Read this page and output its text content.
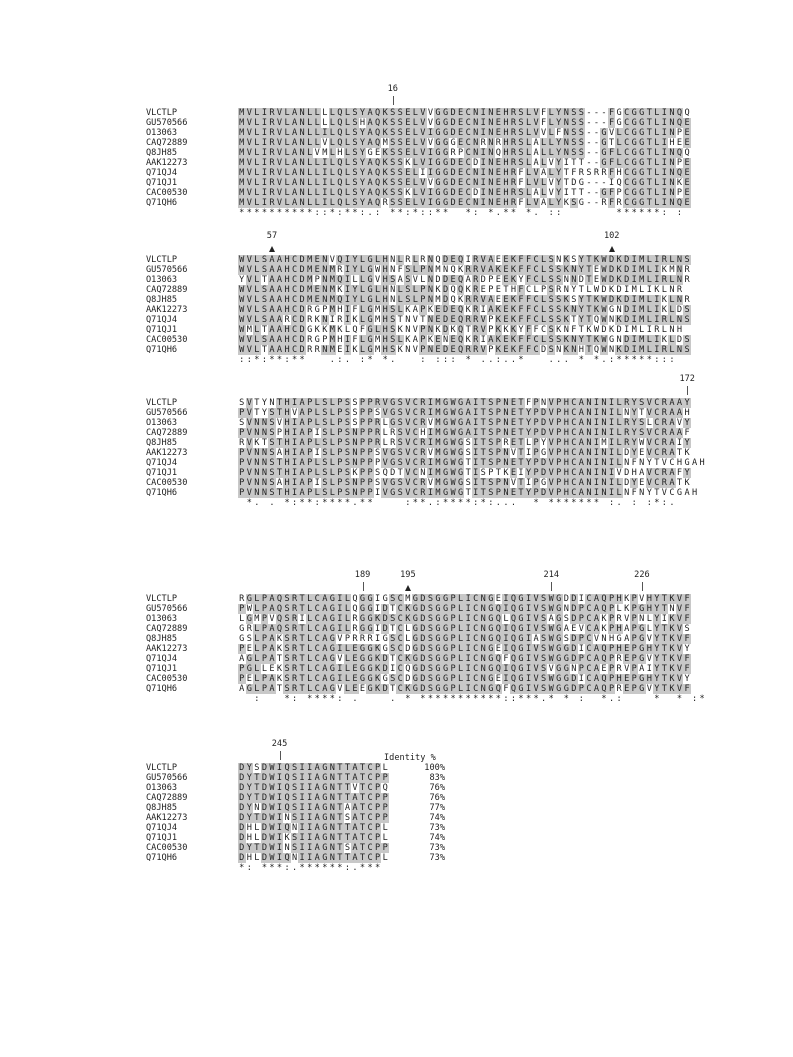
16
VLCTLP	M V L I R V L A N L L L L Q L S Y A Q K S S E L V V G G D E C N I N E H R S L V F L Y N S S - - - F G C G G T L I N Q Q
GU570566	M V L I R V L A N L L L L Q L S H A Q K S S E L V V G G D E C N I N E H R S L V F L Y N S S - - - F G C G G T L I N Q E
O13063	M V L I R V L A N L L I L Q L S Y A Q K S S E L V I G G D E C N I N E H R S L V V L F N S S - - G V L C G G T L I N P E
CAQ72889	M V L I R V L A N L L V L Q L S Y A Q M S S E L V V G G G E C N R N R H R S L A L L Y N S S - - G T L C G G T L I H E E
Q8JH85	M V L I R V L A N L V M L H L S Y G E K S S E L V I G G R P C N I N Q H R S L A L L Y N S S - - G F L C G G T L I N Q Q
AAK12273	M V L I R V L A N L L I L Q L S Y A Q K S S K L V I G G D E C D I N E H R S L A L V Y I T T - - G F L C G G T L I N P E
Q71QJ4	M V L I R V L A N L L I L Q L S Y A Q K S S E L I I G G D E C N I N E H R F L V A L Y T F R S R R F H C G G T L I N Q E
Q71QJ1	M V L I R V L A N L L I L Q L S Y A Q K S S E L V V G G D E C N I N E H R F L V L V Y T D G - - - I Q C G G T L I N K E
CAC00530	M V L I R V L A N L L I L Q L S Y A Q K S S K L V I G G D E C D I N E H R S L A L V Y I T T - - G F P C G G T L I N P E
Q71QH6	M V L I R V L A N L L I L Q L S Y A Q R S S E L V I G G D E C N I N E H R F L V A L Y K S G - - R F R C G G T L I N Q E
* * * * * * * * * * : : * : * * : . : * * : * : : * * * : * . * * * . : :	* * * * * * : :
57	102
VLCTLP	W V L S A A H C D M E N V Q I Y L G L H N L R L R N Q D E Q I R V A E E K F F C L S N K S Y T K W D K D I M L I R L N S
GU570566	W V L S A A H C D M E N M R I Y L G W H N F S L P N M N Q K R R V A K E K F F C L S S K N Y T E W D K D I M L I K M N R
O13063	Y V L T A A H C D M P N M Q I L L G V H S A S V L N D D E Q A R D P E E K Y F C L S S N N D T E W D K D I M L I R L N R
CAQ72889	W V L S A A H C D M E N M K I Y L G L H N L S L P N K D Q Q K R E P E T H F C L P S R N Y T L W D K D I M L I K L N R
Q8JH85	W V L S A A H C D M E N M Q I Y L G L H N L S L P N M D Q K R R V A E E K F F C L S S K S Y T K W D K D I M L I K L N R
AAK12273	W V L S A A H C D R G P M H I F L G M H S L K A P K E D E Q K R I A K E K F F C L S S K N Y T K W G N D I M L I K L D S
Q71QJ4	W V L S A A R C D R K N I R I K L G M H S T N V T N E D E Q R R V P K E K F F C L S S K T Y T Q W N K D I M L I R L N S
Q71QJ1	W M L T A A H C D G K K M K L Q F G L H S K N V P N K D K Q T R V P K K K Y F F C S K N F T K W D K D I M L I R L N H
CAC00530	W V L S A A H C D R G P M H I F L G M H S L K A P K E N E Q K R I A K E K F F C L S S K N Y T K W G N D I M L I K L D S
Q71QH6	W V L T A A H C D R R N M E I K L G M H S K N V P N E D E Q R R V P K E K F F C D S N K N H T Q W N K D I M L I R L N S
: : * : * * : * *	. : . : * * .	: : : : * . . : . . *	. . . * * . : * * * * * : : :
172
VLCTLP	S V T Y N T H I A P L S L P S S P P R V G S V C R I M G W G A I T S P N E T F P N V P H C A N I N I L R Y S V C R A A Y
GU570566	P V T Y S T H V A P L S L P S S P P S V G S V C R I M G W G A I T S P N E T Y P D V P H C A N I N I L N Y T V C R A A H
O13063	S V N N S V H I A P L S L P S S P P R L G S V C R V M G W G A I T S P N E T Y P D V P H C A N I N I L R Y S L C R A V Y
CAQ72889	P V N N S P H I A P I S L P S N P P R L R S V C H I M G W G A I T S P N E T Y P D V P H C A N I N I L R Y S V C R A A F
Q8JH85	R V K T S T H I A P L S L P S N P P R L R S V C R I M G W G S I T S P R E T L P Y V P H C A N I M I L R Y W V C R A I Y
AAK12273	P V N N S A H I A P I S L P S N P P S V G S V C R V M G W G S I T S P N V T I P G V P H C A N I N I L D Y E V C R A T K
Q71QJ4	P V N N S T H I A P L S L P S N P P P V G S V C R I M G W G T I T S P N E T Y P D V P H C A N I N I L N F N Y T V C H G A H
Q71QJ1	P V N N S T H I A P L S L P S K P P S Q D T V C N I M G W G T I S P T K E I Y P D V P H C A N I N I V D H A V C R A F Y
CAC00530	P V N N S A H I A P I S L P S N P P S V G S V C R V M G W G S I T S P N V T I P G V P H C A N I N I L D Y E V C R A T K
Q71QH6	P V N N S T H I A P L S L P S N P P I V G S V C R I M G W G T I T S P N E T Y P D V P H C A N I N I L N F N Y T V C G A H
* . . * : * * : * * * * . * *	: * * . : * * * * : * : . . . * * * * * * * * : . : : * : .
189	195	214	226
VLCTLP	R G L P A Q S R T L C A G I L Q G G I G S C M G D S G G P L I C N G E I Q G I V S W G D D I C A Q P H K P V H Y T K V F
GU570566	P W L P A Q S R T L C A G I L Q G G I D T C K G D S G G P L I C N G Q I Q G I V S W G N D P C A Q P L K P G H Y T N V F
O13063	L G M P V Q S R I L C A G I L R G G K D S C K G D S G G P L I C N G Q L Q G I V S A G S D P C A K P R V P N L Y I K V F
CAQ72889	G R L P A Q S R T L C A G I L R G G I D T C L G D S G G P L I C N G Q I Q G I V S W G A E V C A K P H A P G L Y T K V S
Q8JH85	G S L P A K S R T L C A G V P R R R I G S C L G D S G G P L I C N G Q I Q G I A S W G S D P C V N H G A P G V Y T K V F
AAK12273	P E L P A K S R T L C A G I L E G G K G S C D G D S G G P L I C N G E I Q G I V S W G G D I C A Q P H E P G H Y T K V Y
Q71QJ4	A G L P A T S R T L C A G V L E G G K D T C K G D S G G P L I C N G Q F Q G I V S W G G D P C A Q P R E P G V Y T K V F
Q71QJ1	P G L L E K S R T L C A G I L E G G K D I C Q G D S G G P L I C N G Q I Q G I V S V G G N P C A E P R V P A I Y T K V F
CAC00530	P E L P A K S R T L C A G I L E G G K G S C D G D S G G P L I C N G E I Q G I V S W G G D I C A Q P H E P G H Y T K V Y
Q71QH6	A G L P A T S R T L C A G V L E E G K D T C K G D S G G P L I C N G Q F Q G I V S W G G D P C A Q P R E P G V Y T K V F
:	* : * * * * : .	. * * * * * * * * * * * * : : * * * . * * : * . :	* * : *
245
VLCTLP	D Y S D W I Q S I I A G N T T A T C P L	100%
GU570566	D Y T D W I Q S I I A G N T T A T C P P	83%
O13063	D Y T D W I Q S I I A G N T T V T C P Q	76%
CAQ72889	D Y T D W I Q S I I A G N T T A T C P P	76%
Q8JH85	D Y N D W I Q S I I A G N T A A T C P P	77%
AAK12273	D Y T D W I N S I I A G N T S A T C P P	74%
Q71QJ4	D H L D W I Q N I I A G N T T A T C P L	73%
Q71QJ1	D H L D W I K S I I A G N T T A T C P L	74%
CAC00530	D Y T D W I N S I I A G N T S A T C P P	73%
Q71QH6	D H L D W I Q N I I A G N T T A T C P L	73%
* : * * * : . * * * * * * : . * * *
Identity %
